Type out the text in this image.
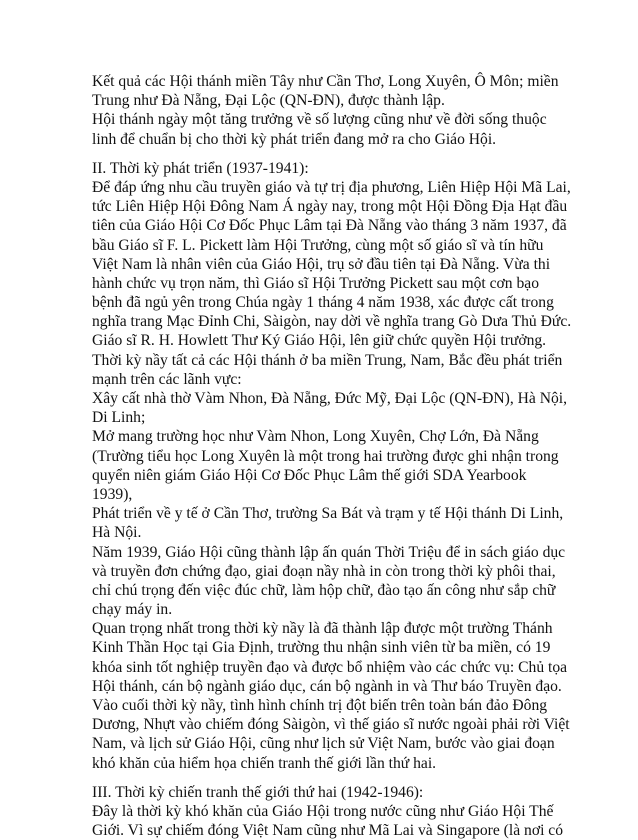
Kết quả các Hội thánh miền Tây như Cần Thơ, Long Xuyên, Ô Môn; miền
Trung như Đà Nẵng, Đại Lộc (QN-ĐN), được thành lập.
Hội thánh ngày một tăng trưởng về số lượng cũng như về đời sống thuộc
linh để chuẩn bị cho thời kỳ phát triển đang mở ra cho Giáo Hội.
II. Thời kỳ phát triển (1937-1941):
Để đáp ứng nhu cầu truyền giáo và tự trị địa phương, Liên Hiệp Hội Mã Lai,
tức Liên Hiệp Hội Đông Nam Á ngày nay, trong một Hội Đồng Địa Hạt đầu
tiên của Giáo Hội Cơ Đốc Phục Lâm tại Đà Nẵng vào tháng 3 năm 1937, đã
bầu Giáo sĩ F. L. Pickett làm Hội Trưởng, cùng một số giáo sĩ và tín hữu
Việt Nam là nhân viên của Giáo Hội, trụ sở đầu tiên tại Đà Nẵng. Vừa thi
hành chức vụ trọn năm, thì Giáo sĩ Hội Trưởng Pickett sau một cơn bạo
bệnh đã ngủ yên trong Chúa ngày 1 tháng 4 năm 1938, xác được cất trong
nghĩa trang Mạc Đỉnh Chi, Sàigòn, nay dời về nghĩa trang Gò Dưa Thủ Đức.
Giáo sĩ R. H. Howlett Thư Ký Giáo Hội, lên giữ chức quyền Hội trưởng.
Thời kỳ nầy tất cả các Hội thánh ở ba miền Trung, Nam, Bắc đều phát triển
mạnh trên các lãnh vực:
Xây cất nhà thờ Vàm Nhon, Đà Nẵng, Đức Mỹ, Đại Lộc (QN-ĐN), Hà Nội,
Di Linh;
Mở mang trường học như Vàm Nhon, Long Xuyên, Chợ Lớn, Đà Nẵng
(Trường tiểu học Long Xuyên là một trong hai trường được ghi nhận trong
quyển niên giám Giáo Hội Cơ Đốc Phục Lâm thế giới SDA Yearbook
1939),
Phát triển về y tế ở Cần Thơ, trường Sa Bát và trạm y tế Hội thánh Di Linh,
Hà Nội.
Năm 1939, Giáo Hội cũng thành lập ấn quán Thời Triệu để in sách giáo dục
và truyền đơn chứng đạo, giai đoạn nầy nhà in còn trong thời kỳ phôi thai,
chỉ chú trọng đến việc đúc chữ, làm hộp chữ, đào tạo ấn công như sắp chữ
chạy máy in.
Quan trọng nhất trong thời kỳ nầy là đã thành lập được một trường Thánh
Kinh Thần Học tại Gia Định, trường thu nhận sinh viên từ ba miền, có 19
khóa sinh tốt nghiệp truyền đạo và được bổ nhiệm vào các chức vụ: Chủ tọa
Hội thánh, cán bộ ngành giáo dục, cán bộ ngành in và Thư báo Truyền đạo.
Vào cuối thời kỳ nầy, tình hình chính trị đột biến trên toàn bán đảo Đông
Dương, Nhựt vào chiếm đóng Sàigòn, vì thế giáo sĩ nước ngoài phải rời Việt
Nam, và lịch sử Giáo Hội, cũng như lịch sử Việt Nam, bước vào giai đoạn
khó khăn của hiểm họa chiến tranh thế giới lần thứ hai.
III. Thời kỳ chiến tranh thế giới thứ hai (1942-1946):
Đây là thời kỳ khó khăn của Giáo Hội trong nước cũng như Giáo Hội Thế
Giới. Vì sự chiếm đóng Việt Nam cũng như Mã Lai và Singapore (là nơi có
